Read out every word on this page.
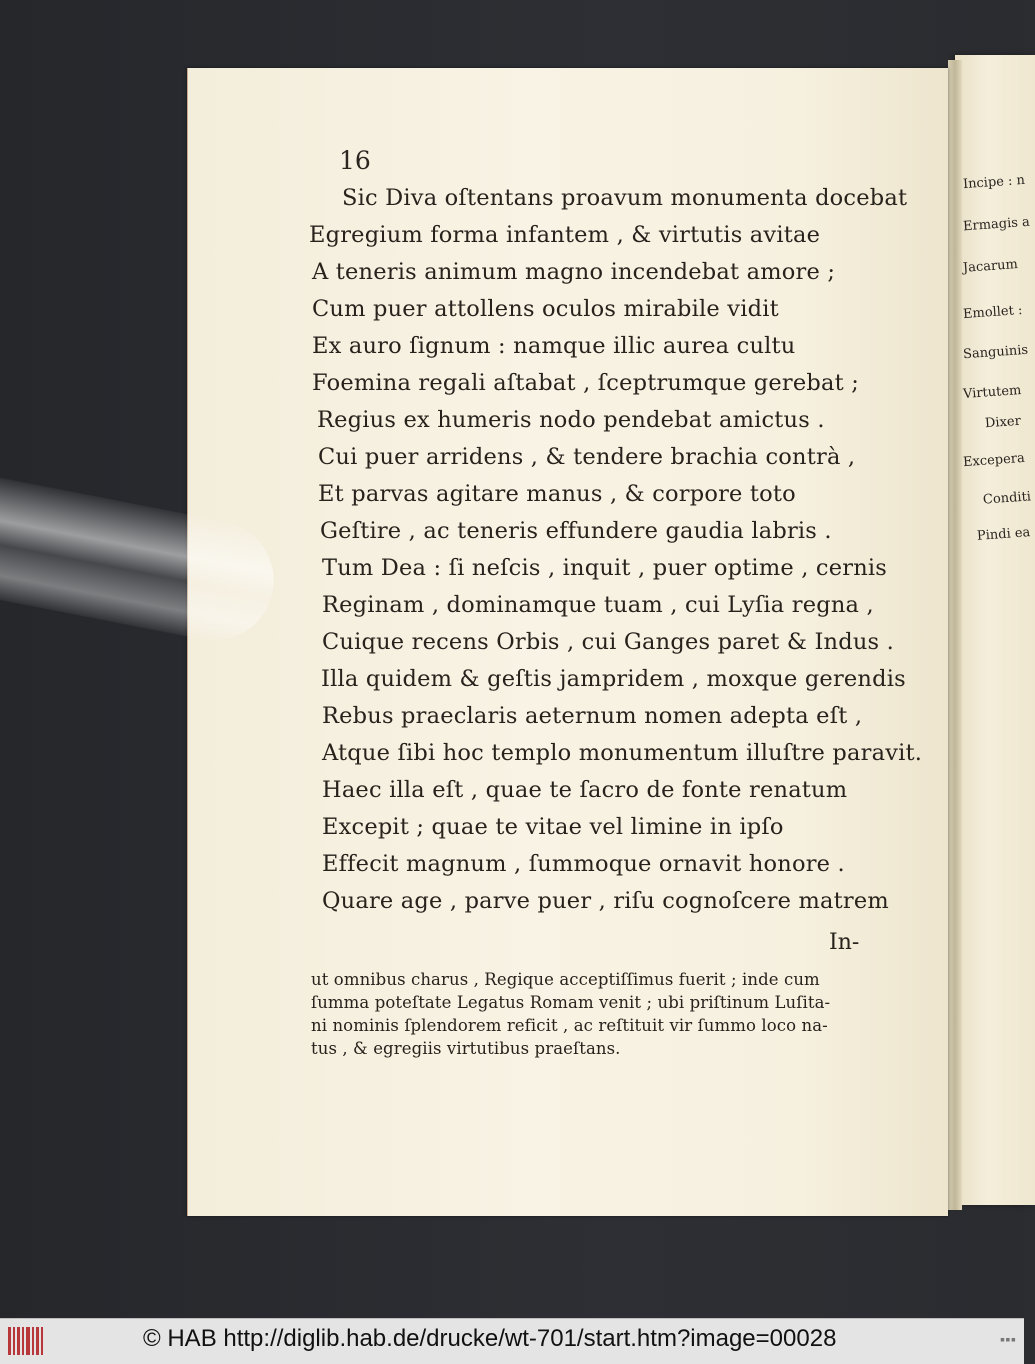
Incipe : n
Ermagis a
Jacarum
Emollet :
Sanguinis
Virtutem
Dixer
Excepera
Conditi
Pindi ea
16
Sic Diva oſtentans proavum monumenta docebat
Egregium forma infantem , & virtutis avitae
A teneris animum magno incendebat amore ;
Cum puer attollens oculos mirabile vidit
Ex auro ſignum : namque illic aurea cultu
Foemina regali aſtabat , ſceptrumque gerebat ;
Regius ex humeris nodo pendebat amictus .
Cui puer arridens , & tendere brachia contrà ,
Et parvas agitare manus , & corpore toto
Geſtire , ac teneris effundere gaudia labris .
Tum Dea : ſi neſcis , inquit , puer optime , cernis
Reginam , dominamque tuam , cui Lyſia regna ,
Cuique recens Orbis , cui Ganges paret & Indus .
Illa quidem & geſtis jampridem , moxque gerendis
Rebus praeclaris aeternum nomen adepta eſt ,
Atque ſibi hoc templo monumentum illuſtre paravit.
Haec illa eſt , quae te ſacro de fonte renatum
Excepit ; quae te vitae vel limine in ipſo
Effecit magnum , ſummoque ornavit honore .
Quare age , parve puer , riſu cognoſcere matrem
In-
ut omnibus charus , Regique acceptiſſimus fuerit ; inde cum
ſumma poteſtate Legatus Romam venit ; ubi priſtinum Luſita-
ni nominis ſplendorem reficit , ac reſtituit vir ſummo loco na-
tus , & egregiis virtutibus praeſtans.
© HAB http://diglib.hab.de/drucke/wt-701/start.htm?image=00028	▪▪▪
